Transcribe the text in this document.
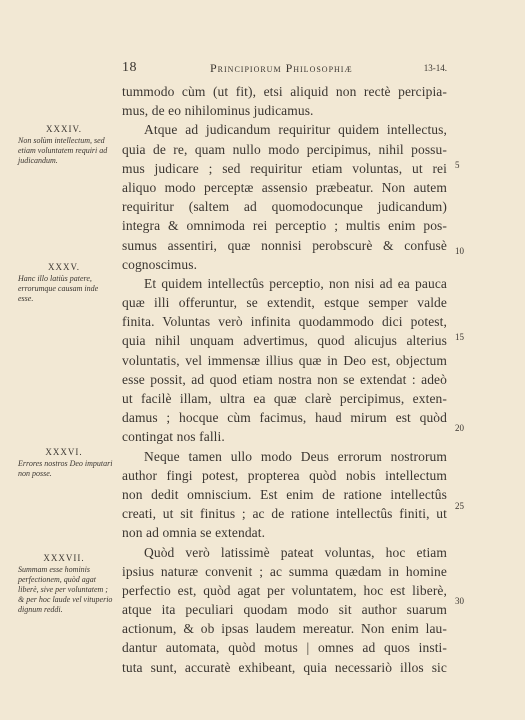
18	Principiorum Philosophiæ	13-14.
XXXIV.
Non solùm intellectum, sed etiam voluntatem requiri ad judicandum.
XXXV.
Hanc illo latiùs patere, errorumque causam inde esse.
XXXVI.
Errores nostros Deo imputari non posse.
XXXVII.
Summam esse hominis perfectionem, quòd agat liberè, sive per voluntatem ; & per hoc laude vel vituperio dignum reddi.
tummodo cùm (ut fit), etsi aliquid non rectè percipia-
mus, de eo nihilominus judicamus.
Atque ad judicandum requiritur quidem intellectus,
quia de re, quam nullo modo percipimus, nihil possu-
mus judicare ; sed requiritur etiam voluntas, ut rei
aliquo modo perceptæ assensio præbeatur. Non autem
requiritur (saltem ad quomodocunque judicandum)
integra & omnimoda rei perceptio ; multis enim pos-
sumus assentiri, quæ nonnisi perobscurè & confusè
cognoscimus.
Et quidem intellectûs perceptio, non nisi ad ea pauca
quæ illi offeruntur, se extendit, estque semper valde
finita. Voluntas verò infinita quodammodo dici potest,
quia nihil unquam advertimus, quod alicujus alterius
voluntatis, vel immensæ illius quæ in Deo est, objectum
esse possit, ad quod etiam nostra non se extendat : adeò
ut facilè illam, ultra ea quæ clarè percipimus, exten-
damus ; hocque cùm facimus, haud mirum est quòd
contingat nos falli.
Neque tamen ullo modo Deus errorum nostrorum
author fingi potest, propterea quòd nobis intellectum
non dedit omniscium. Est enim de ratione intellectûs
creati, ut sit finitus ; ac de ratione intellectûs finiti, ut
non ad omnia se extendat.
Quòd verò latissimè pateat voluntas, hoc etiam
ipsius naturæ convenit ; ac summa quædam in homine
perfectio est, quòd agat per voluntatem, hoc est liberè,
atque ita peculiari quodam modo sit author suarum
actionum, & ob ipsas laudem mereatur. Non enim lau-
dantur automata, quòd motus | omnes ad quos insti-
tuta sunt, accuratè exhibeant, quia necessariò illos sic
5
10
15
20
25
30
